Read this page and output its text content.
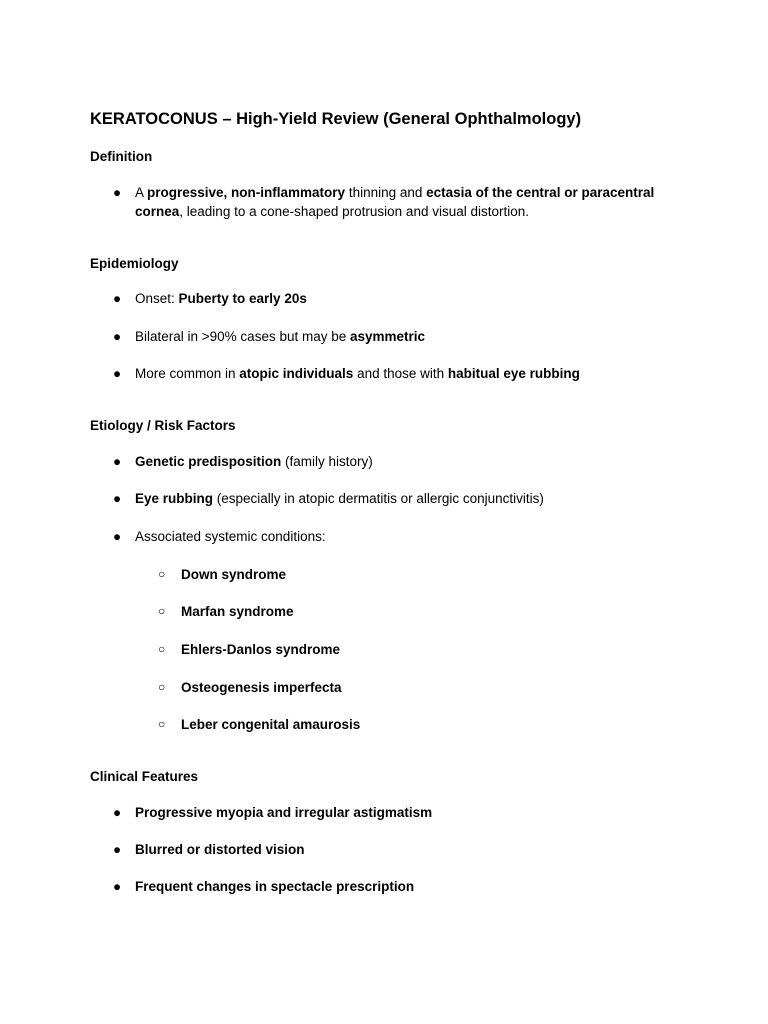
KERATOCONUS – High-Yield Review (General Ophthalmology)
Definition
● A progressive, non-inflammatory thinning and ectasia of the central or paracentral
cornea, leading to a cone-shaped protrusion and visual distortion.
Epidemiology
● Onset: Puberty to early 20s
● Bilateral in >90% cases but may be asymmetric
● More common in atopic individuals and those with habitual eye rubbing
Etiology / Risk Factors
● Genetic predisposition (family history)
● Eye rubbing (especially in atopic dermatitis or allergic conjunctivitis)
● Associated systemic conditions:
○ Down syndrome
○ Marfan syndrome
○ Ehlers-Danlos syndrome
○ Osteogenesis imperfecta
○ Leber congenital amaurosis
Clinical Features
● Progressive myopia and irregular astigmatism
● Blurred or distorted vision
● Frequent changes in spectacle prescription
